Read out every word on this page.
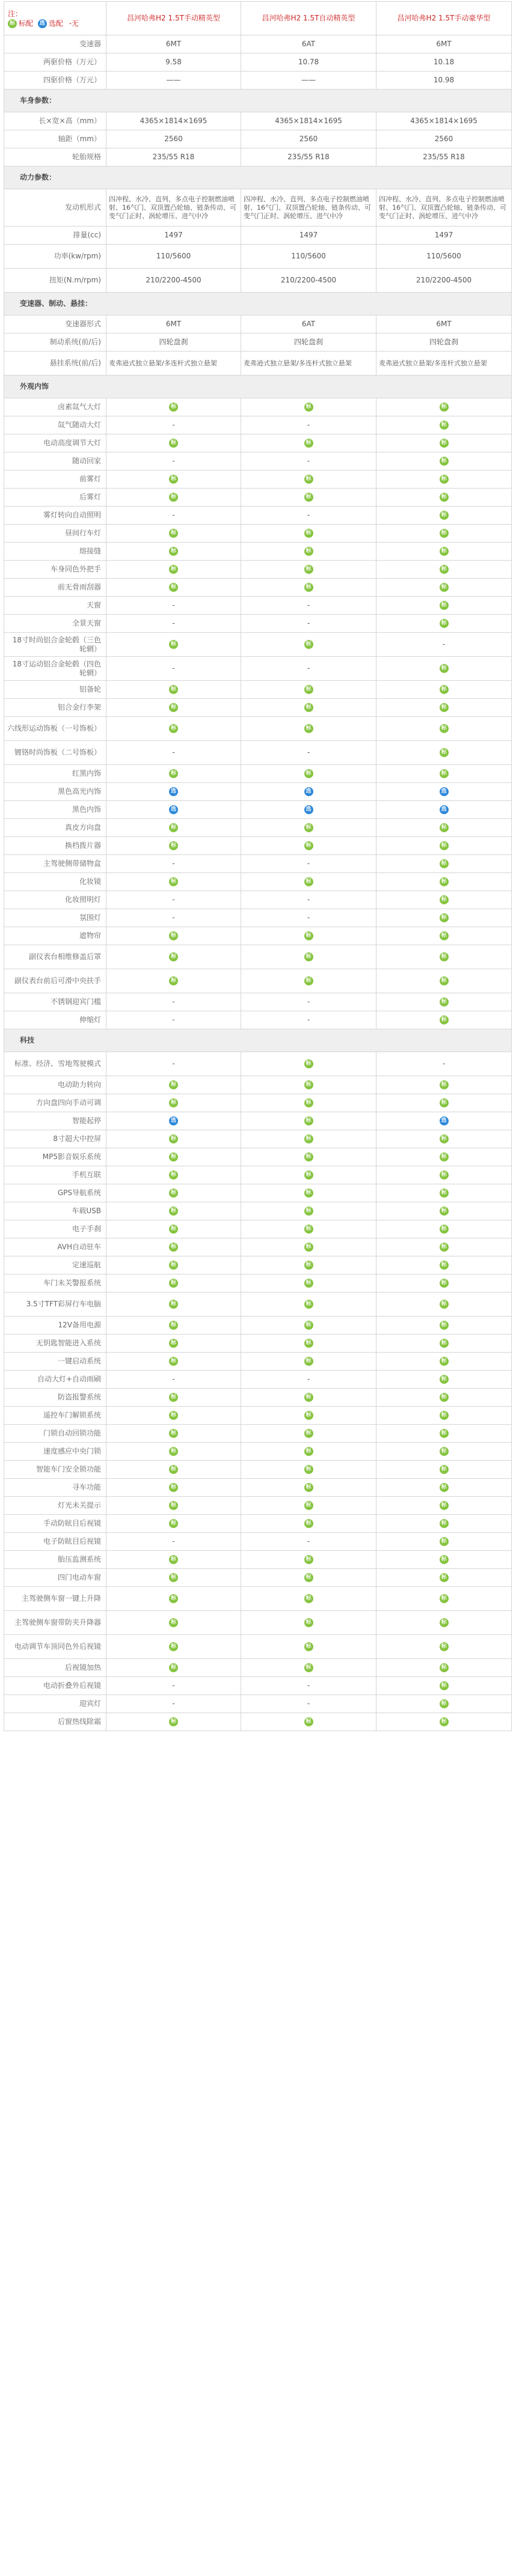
注：
标 标配 选 选配 -无	昌河哈弗H2 1.5T手动精英型	昌河哈弗H2 1.5T自动精英型	昌河哈弗H2 1.5T手动豪华型
变速器	6MT	6AT	6MT
两驱价格（万元）	9.58	10.78	10.18
四驱价格（万元）	——	——	10.98
车身参数：			
长×宽×高（mm）	4365×1814×1695	4365×1814×1695	4365×1814×1695
轴距（mm）	2560	2560	2560
轮胎规格	235/55 R18	235/55 R18	235/55 R18
动力参数：			
发动机形式	四冲程、水冷、直列、多点电子控制燃油喷射、16气门、双顶置凸轮轴、链条传动、可变气门正时、涡轮增压、进气中冷	四冲程、水冷、直列、多点电子控制燃油喷射、16气门、双顶置凸轮轴、链条传动、可变气门正时、涡轮增压、进气中冷	四冲程、水冷、直列、多点电子控制燃油喷射、16气门、双顶置凸轮轴、链条传动、可变气门正时、涡轮增压、进气中冷
排量(cc)	1497	1497	1497
功率(kw/rpm)	110/5600	110/5600	110/5600
扭矩(N.m/rpm)	210/2200-4500	210/2200-4500	210/2200-4500
变速器、制动、悬挂：			
变速器形式	6MT	6AT	6MT
制动系统(前/后)	四轮盘刹	四轮盘刹	四轮盘刹
悬挂系统(前/后)	麦弗逊式独立悬架/多连杆式独立悬架	麦弗逊式独立悬架/多连杆式独立悬架	麦弗逊式独立悬架/多连杆式独立悬架
外观内饰			
卤素氙气大灯	标	标	标
氙气随动大灯	-	-	标
电动高度调节大灯	标	标	标
随动回家	-	-	标
前雾灯	标	标	标
后雾灯	标	标	标
雾灯转向自动照明	-	-	标
昼间行车灯	标	标	标
熔接缝	标	标	标
车身同色外把手	标	标	标
前无骨雨刮器	标	标	标
天窗	-	-	标
全景天窗	-	-	标
18寸时尚铝合金轮毂（三色轮辋）	标	标	-
18寸运动铝合金轮毂（四色轮辋）	-	-	标
铝备轮	标	标	标
铝合金行李架	标	标	标
六线形运动饰板（一号饰板）	标	标	标
镀铬时尚饰板（二号饰板）	-	-	标
红黑内饰	标	标	标
黑色高光内饰	选	选	选
黑色内饰	选	选	选
真皮方向盘	标	标	标
换档拨片器	标	标	标
主驾驶侧带储物盒	-	-	标
化妆镜	标	标	标
化妆照明灯	-	-	标
氛围灯	-	-	标
遮物帘	标	标	标
副仪表台相维修盖后罩	标	标	标
副仪表台前后可滑中央扶手	标	标	标
不锈钢迎宾门槛	-	-	标
伸缩灯	-	-	标
科技			
标准、经济、雪地驾驶模式	-	标	-
电动助力转向	标	标	标
方向盘四向手动可调	标	标	标
智能起停	选	标	选
8寸超大中控屏	标	标	标
MP5影音娱乐系统	标	标	标
手机互联	标	标	标
GPS导航系统	标	标	标
车载USB	标	标	标
电子手刹	标	标	标
AVH自动驻车	标	标	标
定速巡航	标	标	标
车门未关警报系统	标	标	标
3.5寸TFT彩屏行车电脑	标	标	标
12V备用电源	标	标	标
无钥匙智能进入系统	标	标	标
一键启动系统	标	标	标
自动大灯+自动雨刷	-	-	标
防盗报警系统	标	标	标
遥控车门解锁系统	标	标	标
门锁自动回锁功能	标	标	标
速度感应中央门锁	标	标	标
智能车门安全锁功能	标	标	标
寻车功能	标	标	标
灯光未关提示	标	标	标
手动防眩目后视镜	标	标	标
电子防眩目后视镜	-	-	标
胎压监测系统	标	标	标
四门电动车窗	标	标	标
主驾驶侧车窗一键上升降	标	标	标
主驾驶侧车窗带防夹升降器	标	标	标
电动调节车顶同色外后视镜	标	标	标
后视镜加热	标	标	标
电动折叠外后视镜	-	-	标
迎宾灯	-	-	标
后窗热线除霜	标	标	标
